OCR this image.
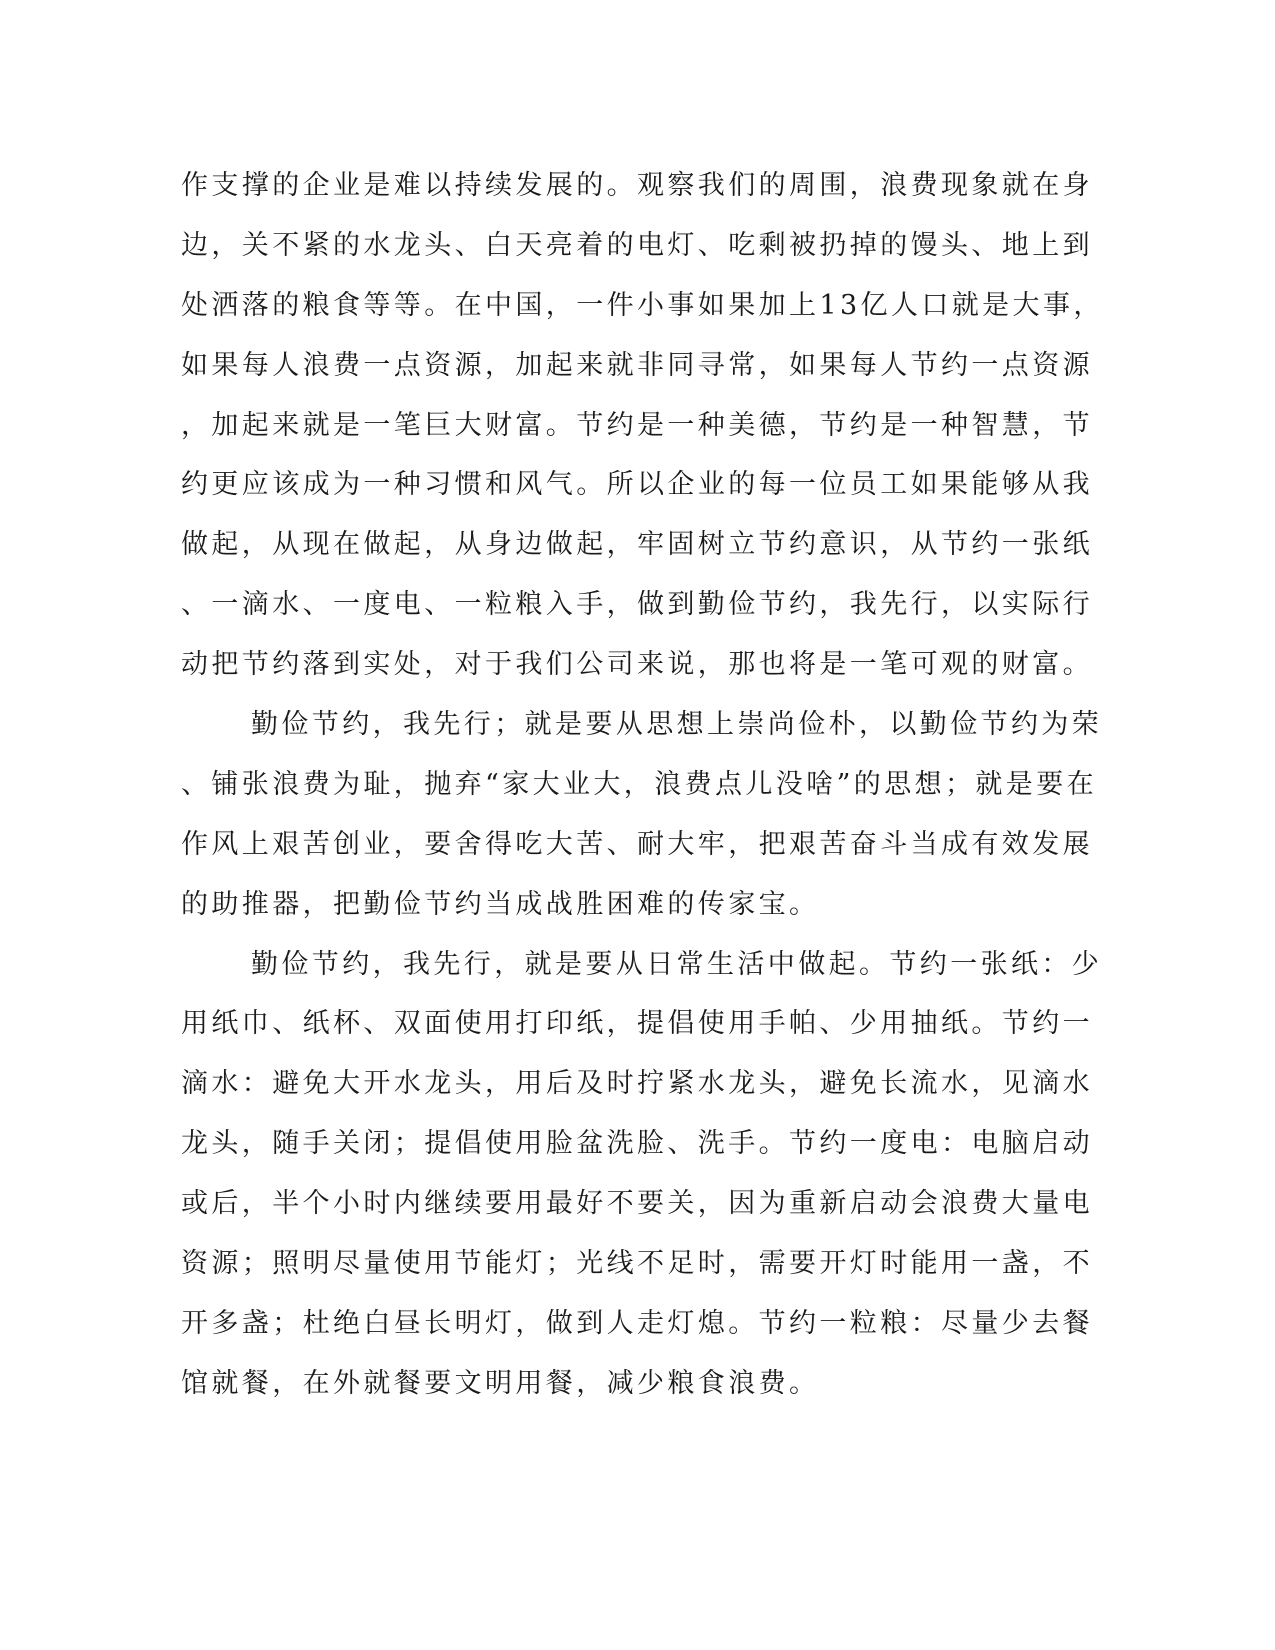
作支撑的企业是难以持续发展的。观察我们的周围，浪费现象就在身
边，关不紧的水龙头、白天亮着的电灯、吃剩被扔掉的馒头、地上到
处洒落的粮食等等。在中国，一件小事如果加上13亿人口就是大事，
如果每人浪费一点资源，加起来就非同寻常，如果每人节约一点资源
，加起来就是一笔巨大财富。节约是一种美德，节约是一种智慧，节
约更应该成为一种习惯和风气。所以企业的每一位员工如果能够从我
做起，从现在做起，从身边做起，牢固树立节约意识，从节约一张纸
、一滴水、一度电、一粒粮入手，做到勤俭节约，我先行，以实际行
动把节约落到实处，对于我们公司来说，那也将是一笔可观的财富。
勤俭节约，我先行；就是要从思想上崇尚俭朴，以勤俭节约为荣
、铺张浪费为耻，抛弃“家大业大，浪费点儿没啥”的思想；就是要在
作风上艰苦创业，要舍得吃大苦、耐大牢，把艰苦奋斗当成有效发展
的助推器，把勤俭节约当成战胜困难的传家宝。
勤俭节约，我先行，就是要从日常生活中做起。节约一张纸：少
用纸巾、纸杯、双面使用打印纸，提倡使用手帕、少用抽纸。节约一
滴水：避免大开水龙头，用后及时拧紧水龙头，避免长流水，见滴水
龙头，随手关闭；提倡使用脸盆洗脸、洗手。节约一度电：电脑启动
或后，半个小时内继续要用最好不要关，因为重新启动会浪费大量电
资源；照明尽量使用节能灯；光线不足时，需要开灯时能用一盏，不
开多盏；杜绝白昼长明灯，做到人走灯熄。节约一粒粮：尽量少去餐
馆就餐，在外就餐要文明用餐，减少粮食浪费。
